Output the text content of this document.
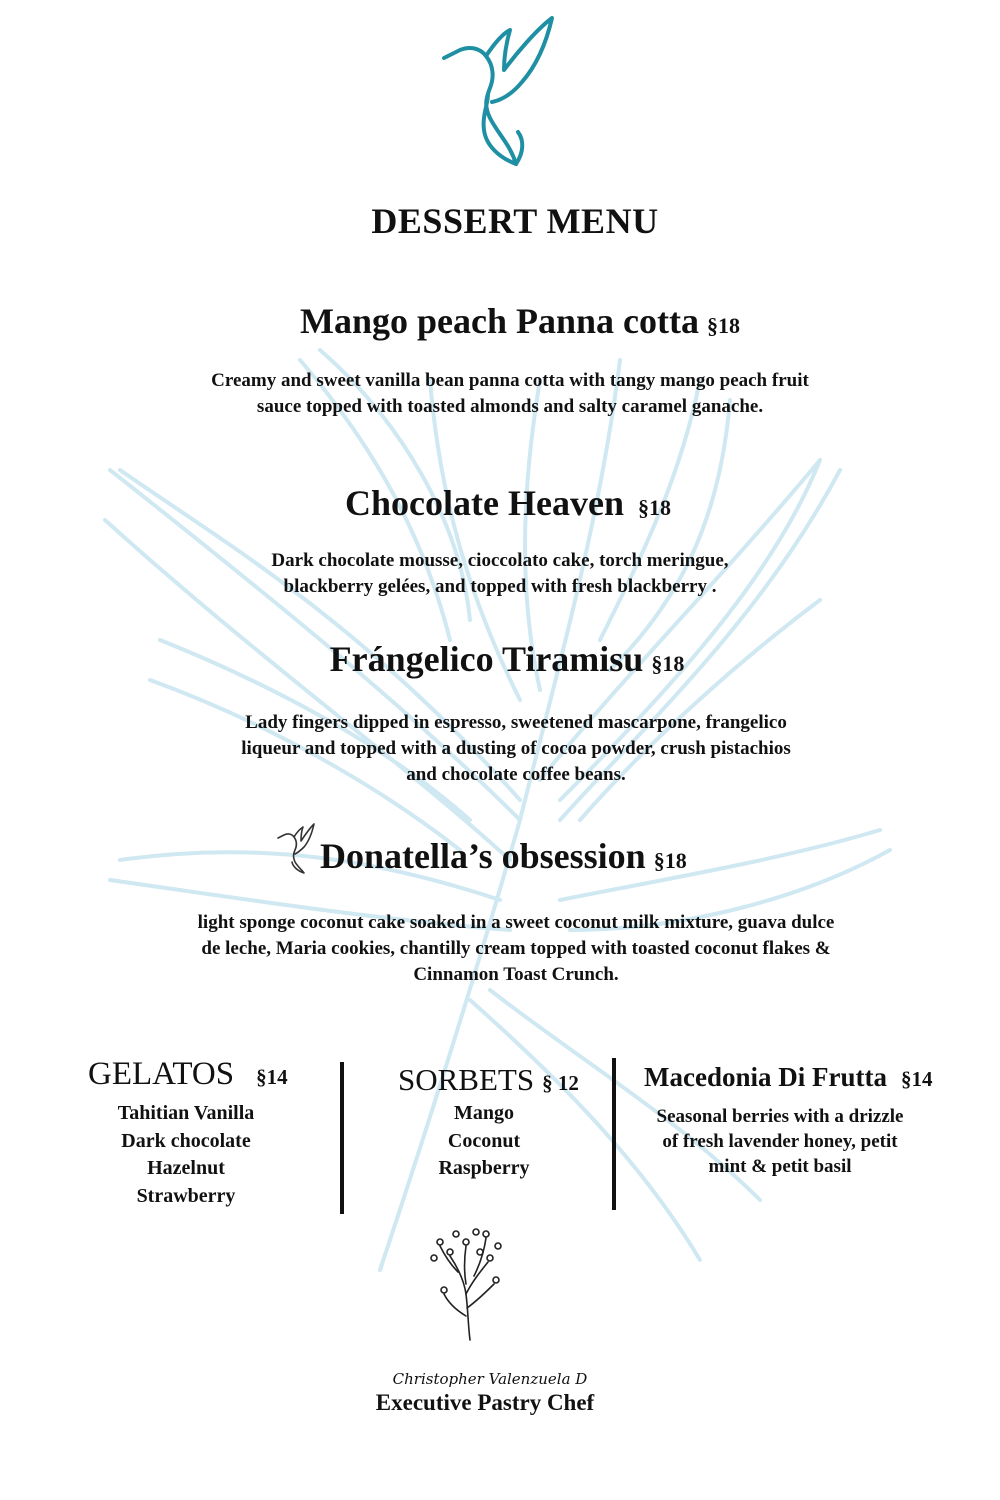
DESSERT MENU
Mango peach Panna cotta §18
Creamy and sweet vanilla bean panna cotta with tangy mango peach fruit sauce topped with toasted almonds and salty caramel ganache.
Chocolate Heaven §18
Dark chocolate mousse, cioccolato cake, torch meringue, blackberry gelées, and topped with fresh blackberry .
Frángelico Tiramisu §18
Lady fingers dipped in espresso, sweetened mascarpone, frangelico liqueur and topped with a dusting of cocoa powder, crush pistachios and chocolate coffee beans.
Donatella’s obsession §18
light sponge coconut cake soaked in a sweet coconut milk mixture, guava dulce de leche, Maria cookies, chantilly cream topped with toasted coconut flakes & Cinnamon Toast Crunch.
GELATOS §14
Tahitian Vanilla
Dark chocolate
Hazelnut
Strawberry
SORBETS § 12
Mango
Coconut
Raspberry
Macedonia Di Frutta §14
Seasonal berries with a drizzle
of fresh lavender honey, petit
mint & petit basil
Christopher Valenzuela D
Executive Pastry Chef
